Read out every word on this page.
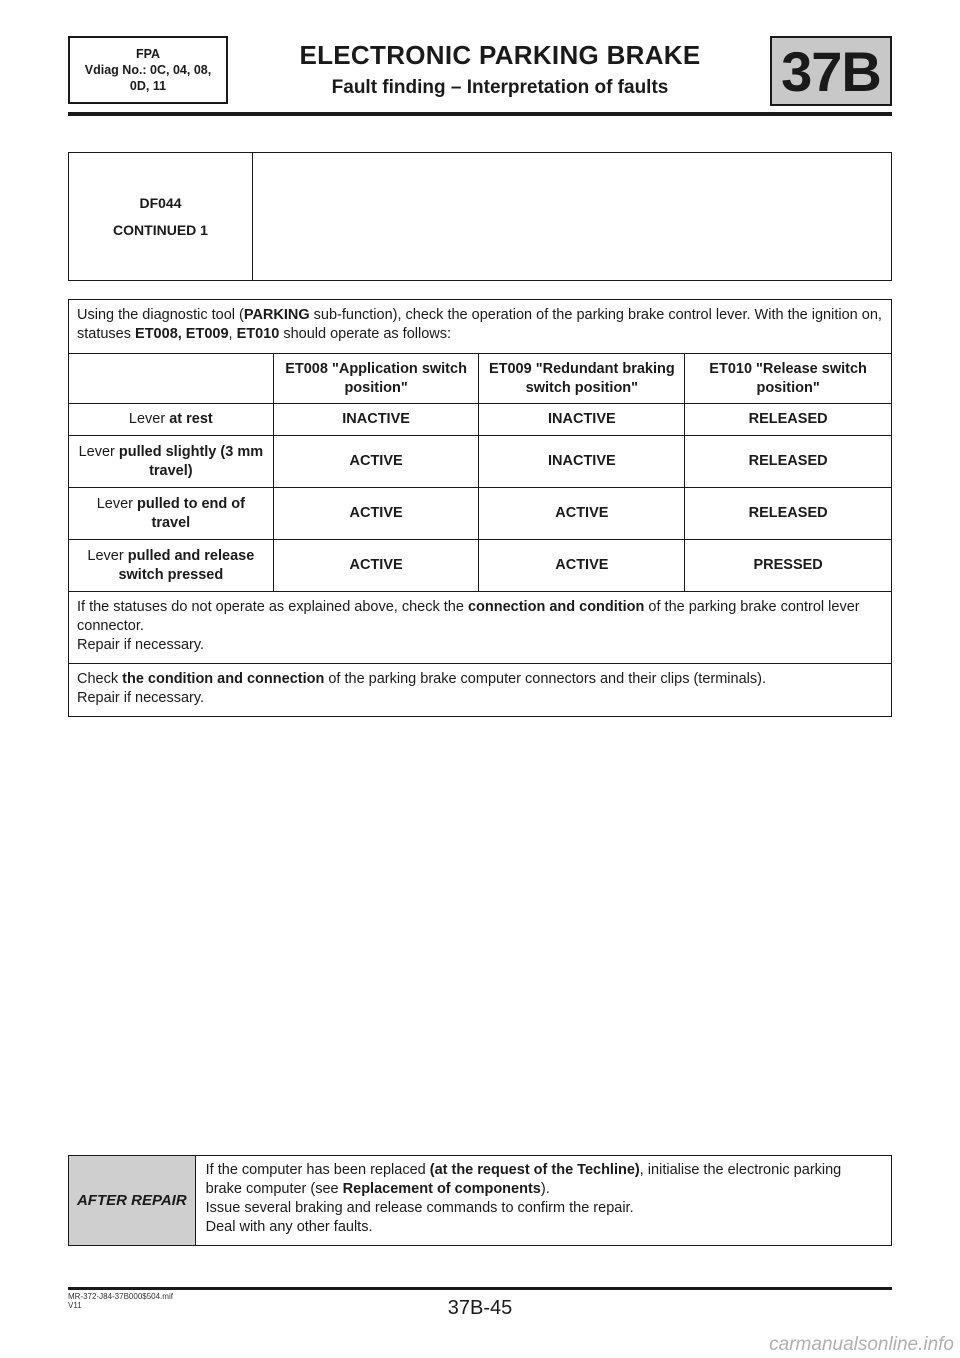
FPA
Vdiag No.: 0C, 04, 08,
0D, 11
ELECTRONIC PARKING BRAKE
Fault finding – Interpretation of faults	37B
DF044
CONTINUED 1
Using the diagnostic tool (PARKING sub-function), check the operation of the parking brake control lever. With the ignition on, statuses ET008, ET009, ET010 should operate as follows:			
	ET008 "Application switch position"	ET009 "Redundant braking switch position"	ET010 "Release switch position"
Lever at rest	INACTIVE	INACTIVE	RELEASED
Lever pulled slightly (3 mm travel)	ACTIVE	INACTIVE	RELEASED
Lever pulled to end of travel	ACTIVE	ACTIVE	RELEASED
Lever pulled and release switch pressed	ACTIVE	ACTIVE	PRESSED
If the statuses do not operate as explained above, check the connection and condition of the parking brake control lever connector.
Repair if necessary.			
Check the condition and connection of the parking brake computer connectors and their clips (terminals).
Repair if necessary.			
AFTER REPAIR
If the computer has been replaced (at the request of the Techline), initialise the electronic parking brake computer (see Replacement of components).
Issue several braking and release commands to confirm the repair.
Deal with any other faults.
MR-372-J84-37B000$504.mif
V11	37B-45
carmanualsonline.info
